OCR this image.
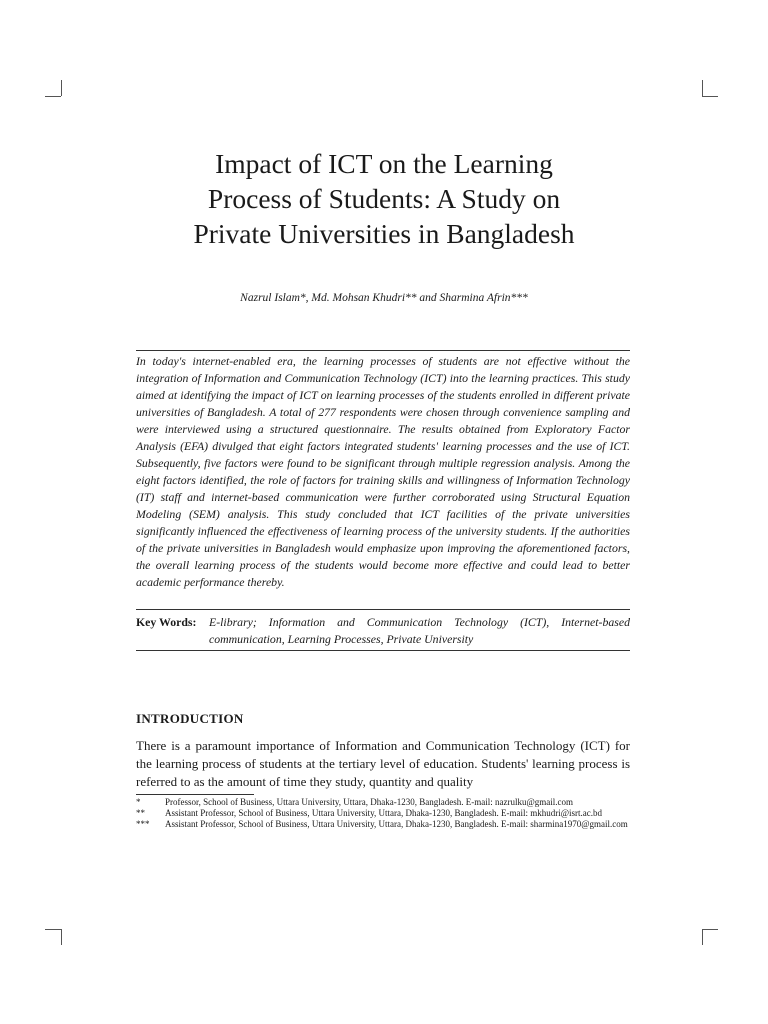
Impact of ICT on the Learning
Process of Students: A Study on
Private Universities in Bangladesh
Nazrul Islam*, Md. Mohsan Khudri** and Sharmina Afrin***
In today's internet-enabled era, the learning processes of students are not effective without the integration of Information and Communication Technology (ICT) into the learning practices. This study aimed at identifying the impact of ICT on learning processes of the students enrolled in different private universities of Bangladesh. A total of 277 respondents were chosen through convenience sampling and were interviewed using a structured questionnaire. The results obtained from Exploratory Factor Analysis (EFA) divulged that eight factors integrated students' learning processes and the use of ICT. Subsequently, five factors were found to be significant through multiple regression analysis. Among the eight factors identified, the role of factors for training skills and willingness of Information Technology (IT) staff and internet-based communication were further corroborated using Structural Equation Modeling (SEM) analysis. This study concluded that ICT facilities of the private universities significantly influenced the effectiveness of learning process of the university students. If the authorities of the private universities in Bangladesh would emphasize upon improving the aforementioned factors, the overall learning process of the students would become more effective and could lead to better academic performance thereby.
Key Words: E-library; Information and Communication Technology (ICT), Internet-based communication, Learning Processes, Private University
INTRODUCTION
There is a paramount importance of Information and Communication Technology (ICT) for the learning process of students at the tertiary level of education. Students' learning process is referred to as the amount of time they study, quantity and quality
*	Professor, School of Business, Uttara University, Uttara, Dhaka-1230, Bangladesh. E-mail: nazrulku@gmail.com
** Assistant Professor, School of Business, Uttara University, Uttara, Dhaka-1230, Bangladesh. E-mail: mkhudri@isrt.ac.bd
*** Assistant Professor, School of Business, Uttara University, Uttara, Dhaka-1230, Bangladesh. E-mail: sharmina1970@gmail.com
